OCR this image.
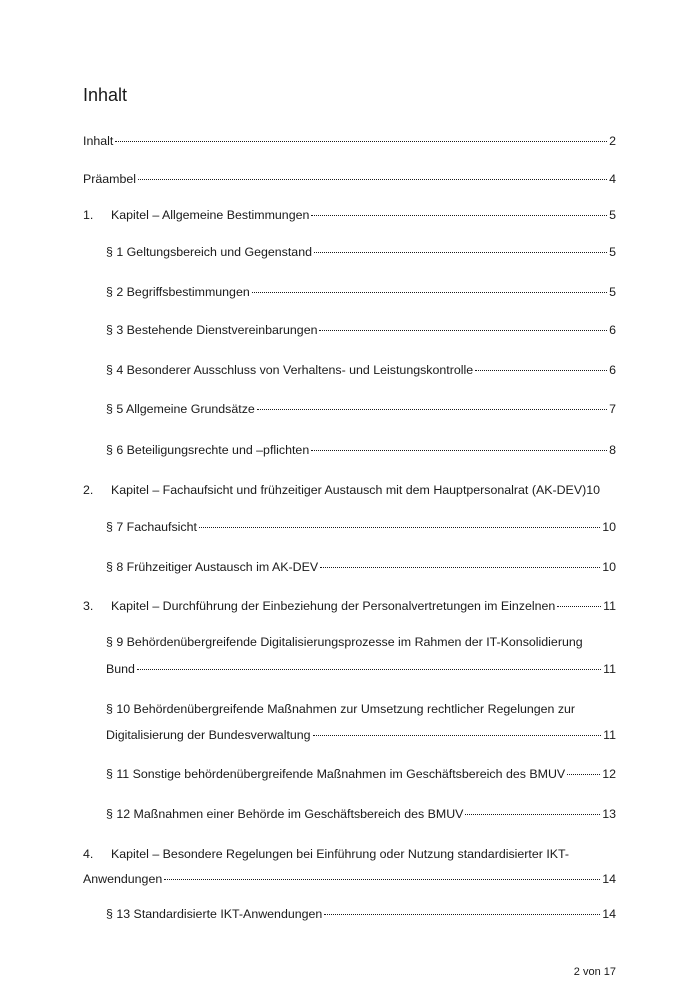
Inhalt
Inhalt	2
Präambel	4
1.	Kapitel – Allgemeine Bestimmungen	5
§ 1 Geltungsbereich und Gegenstand	5
§ 2 Begriffsbestimmungen	5
§ 3 Bestehende Dienstvereinbarungen	6
§ 4 Besonderer Ausschluss von Verhaltens- und Leistungskontrolle	6
§ 5 Allgemeine Grundsätze	7
§ 6 Beteiligungsrechte und –pflichten	8
2.	Kapitel – Fachaufsicht und frühzeitiger Austausch mit dem Hauptpersonalrat (AK-DEV) 10
§ 7 Fachaufsicht	10
§ 8 Frühzeitiger Austausch im AK-DEV	10
3.	Kapitel – Durchführung der Einbeziehung der Personalvertretungen im Einzelnen	11
§ 9 Behördenübergreifende Digitalisierungsprozesse im Rahmen der IT-Konsolidierung
Bund	11
§ 10 Behördenübergreifende Maßnahmen zur Umsetzung rechtlicher Regelungen zur
Digitalisierung der Bundesverwaltung	11
§ 11 Sonstige behördenübergreifende Maßnahmen im Geschäftsbereich des BMUV	12
§ 12 Maßnahmen einer Behörde im Geschäftsbereich des BMUV	13
4. Kapitel – Besondere Regelungen bei Einführung oder Nutzung standardisierter IKT-
Anwendungen	14
§ 13 Standardisierte IKT-Anwendungen	14
2 von 17
